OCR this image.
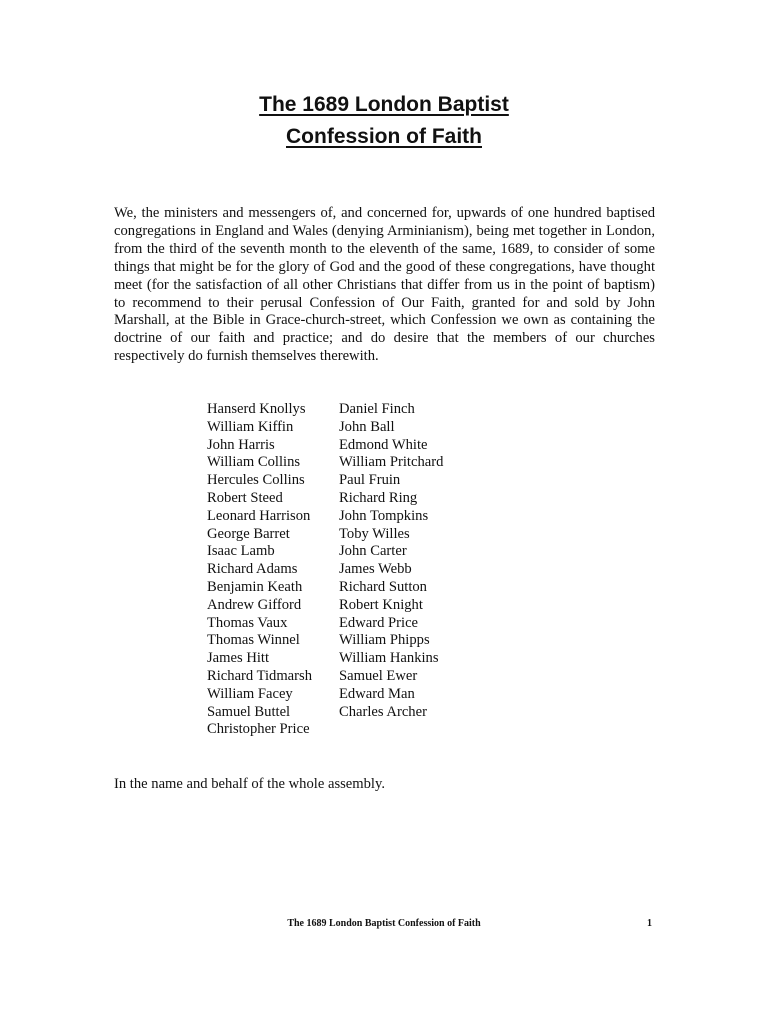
The 1689 London Baptist
Confession of Faith

We, the ministers and messengers of, and concerned for, upwards of one hundred baptised congregations in England and Wales (denying Arminianism), being met together in London, from the third of the seventh month to the eleventh of the same, 1689, to consider of some things that might be for the glory of God and the good of these congregations, have thought meet (for the satisfaction of all other Christians that differ from us in the point of baptism) to recommend to their perusal Confession of Our Faith, granted for and sold by John Marshall, at the Bible in Grace-church-street, which Confession we own as containing the doctrine of our faith and practice; and do desire that the members of our churches respectively do furnish themselves therewith.

Hanserd Knollys
William Kiffin
John Harris
William Collins
Hercules Collins
Robert Steed
Leonard Harrison
George Barret
Isaac Lamb
Richard Adams
Benjamin Keath
Andrew Gifford
Thomas Vaux
Thomas Winnel
James Hitt
Richard Tidmarsh
William Facey
Samuel Buttel
Christopher Price
Daniel Finch
John Ball
Edmond White
William Pritchard
Paul Fruin
Richard Ring
John Tompkins
Toby Willes
John Carter
James Webb
Richard Sutton
Robert Knight
Edward Price
William Phipps
William Hankins
Samuel Ewer
Edward Man
Charles Archer

In the name and behalf of the whole assembly.

The 1689 London Baptist Confession of Faith	1
